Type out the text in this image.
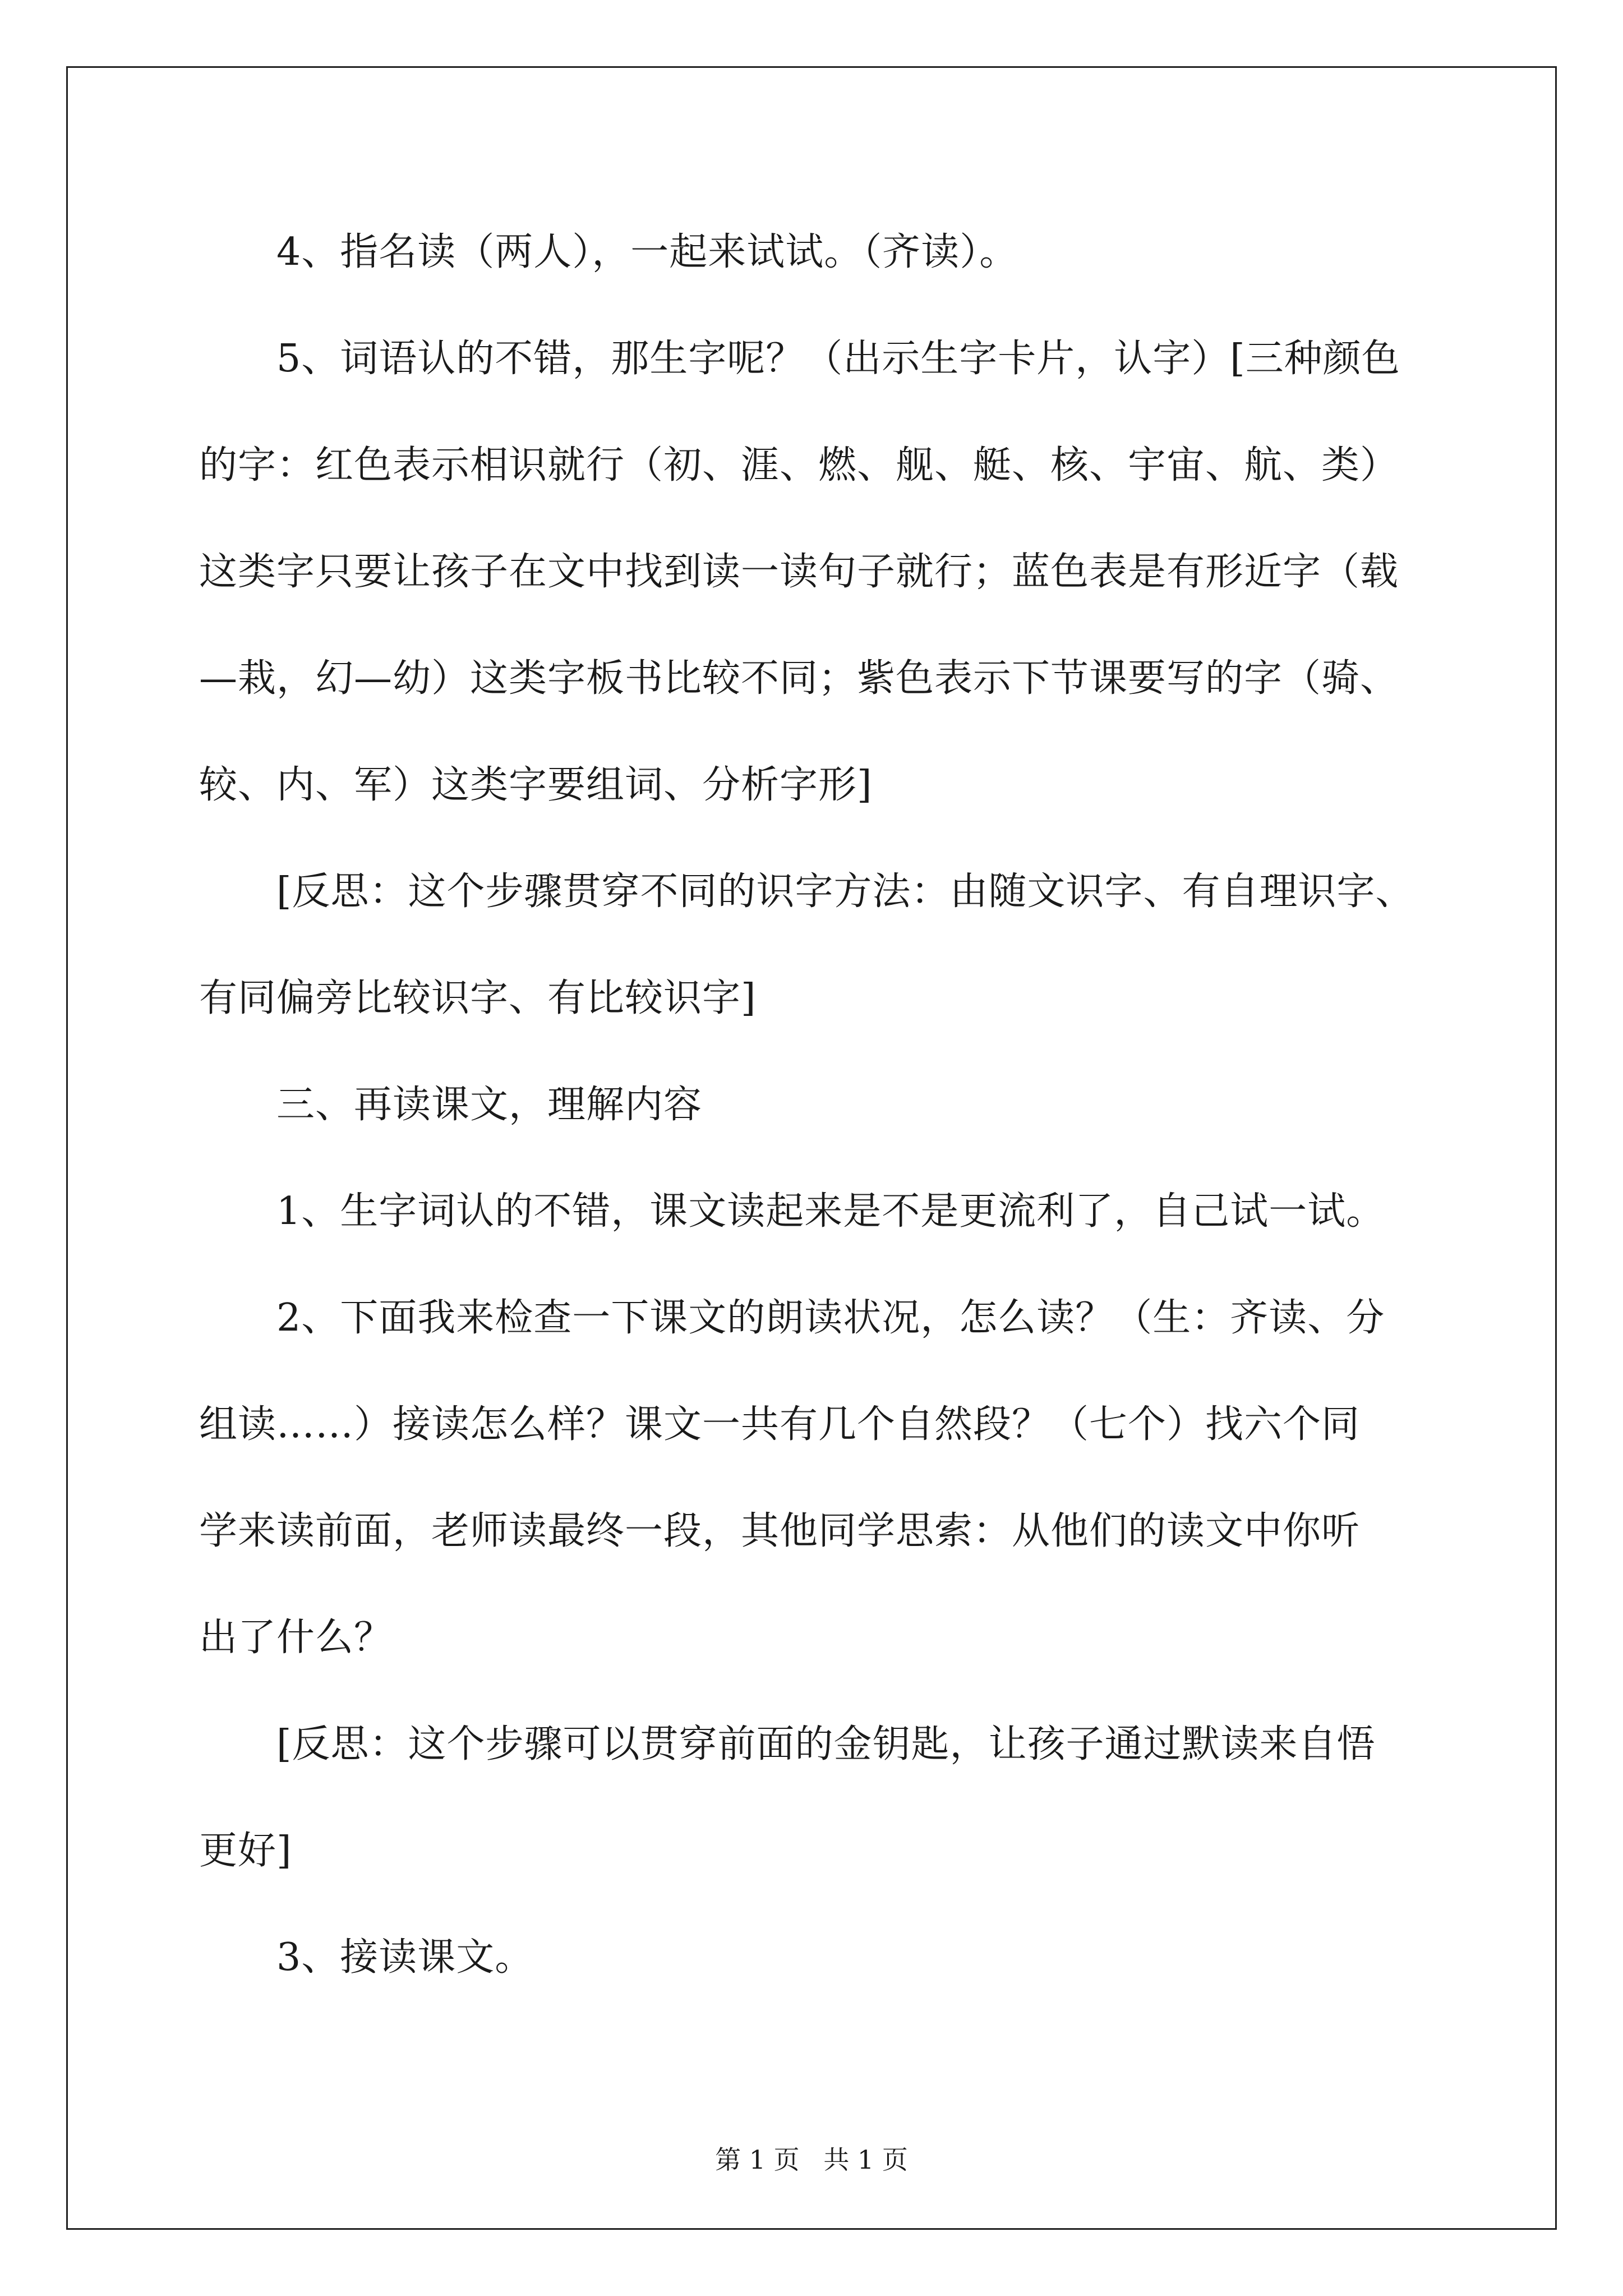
　　4、指名读（两人），一起来试试。（齐读）。
　　5、词语认的不错，那生字呢？（出示生字卡片，认字）[三种颜色
的字：红色表示相识就行（初、涯、燃、舰、艇、核、宇宙、航、类）
这类字只要让孩子在文中找到读一读句子就行；蓝色表是有形近字（载
—栽，幻—幼）这类字板书比较不同；紫色表示下节课要写的字（骑、
较、内、军）这类字要组词、分析字形]
　　[反思：这个步骤贯穿不同的识字方法：由随文识字、有自理识字、
有同偏旁比较识字、有比较识字]
　　三、再读课文，理解内容
　　1、生字词认的不错，课文读起来是不是更流利了，自己试一试。
　　2、下面我来检查一下课文的朗读状况，怎么读？（生：齐读、分
组读……）接读怎么样？课文一共有几个自然段？（七个）找六个同
学来读前面，老师读最终一段，其他同学思索：从他们的读文中你听
出了什么？
　　[反思：这个步骤可以贯穿前面的金钥匙，让孩子通过默读来自悟
更好]
　　3、接读课文。
第 1 页 共 1 页
